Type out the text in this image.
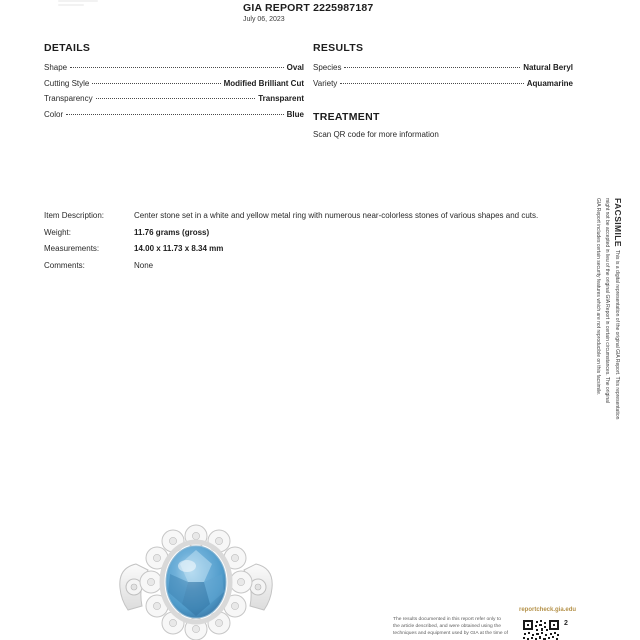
GIA REPORT 2225987187
July 06, 2023
DETAILS
Shape	Oval
Cutting Style	Modified Brilliant Cut
Transparency	Transparent
Color	Blue
RESULTS
Species	Natural Beryl
Variety	Aquamarine
TREATMENT
Scan QR code for more information
Item Description:	Center stone set in a white and yellow metal ring with numerous near-colorless stones of various shapes and cuts.
Weight:	11.76 grams (gross)
Measurements:	14.00 x 11.73 x 8.34 mm
Comments:	None
FACSIMILEThis is a digital representation of the original GIA Report. This representation
might not be accepted in lieu of the original GIA Report in certain circumstances. The original
GIA Report includes certain security features which are not reproducible on this facsimile.
The results documented in this report refer only to
the article described, and were obtained using the
techniques and equipment used by GIA at the time of
reportcheck.gia.edu
2
